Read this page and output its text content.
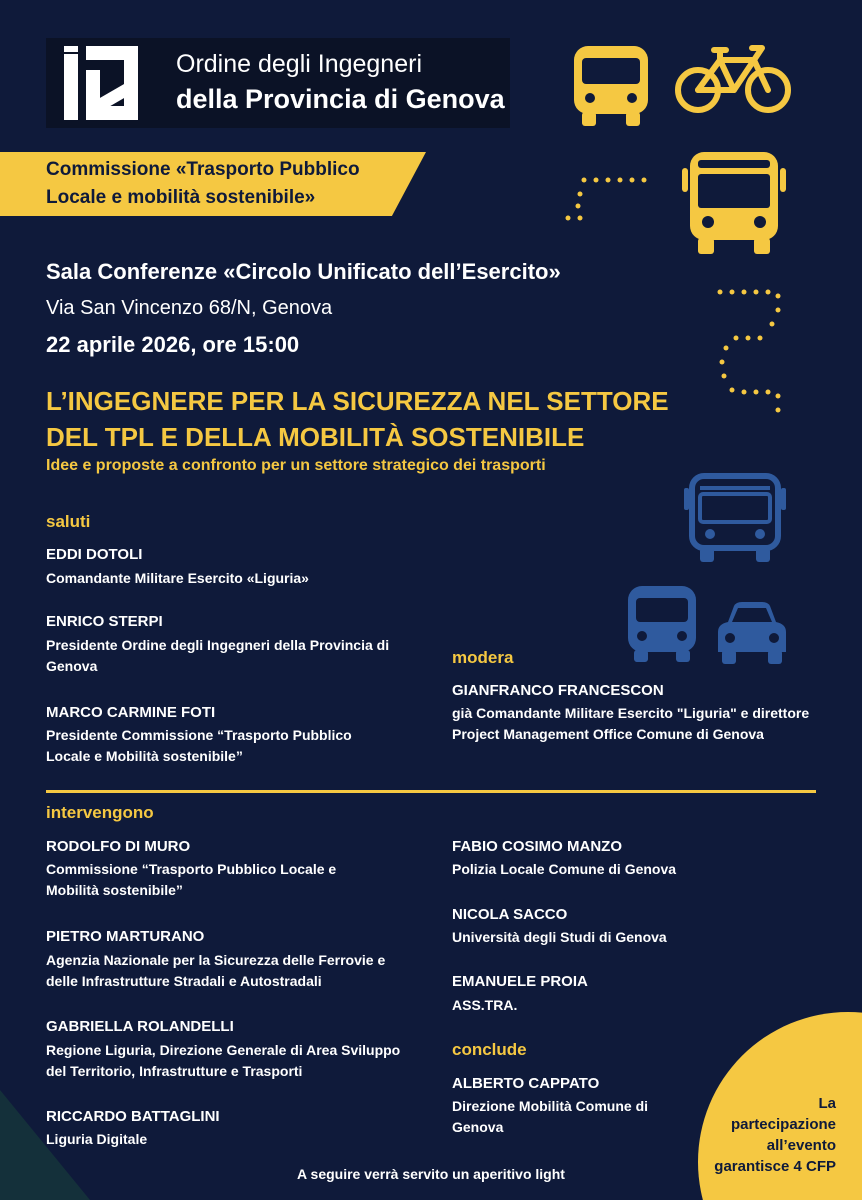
Ordine degli Ingegneri
della Provincia di Genova
Commissione «Trasporto Pubblico
Locale e mobilità sostenibile»
Sala Conferenze «Circolo Unificato dell’Esercito»
Via San Vincenzo 68/N, Genova
22 aprile 2026, ore 15:00
L’INGEGNERE PER LA SICUREZZA NEL SETTORE
DEL TPL E DELLA MOBILITÀ SOSTENIBILE
Idee e proposte a confronto per un settore strategico dei trasporti
saluti
EDDI DOTOLI
Comandante Militare Esercito «Liguria»
ENRICO STERPI
Presidente Ordine degli Ingegneri della Provincia di Genova
MARCO CARMINE FOTI
Presidente Commissione “Trasporto Pubblico Locale e Mobilità sostenibile”
modera
GIANFRANCO FRANCESCON
già Comandante Militare Esercito "Liguria" e direttore Project Management Office Comune di Genova
intervengono
RODOLFO DI MURO
Commissione “Trasporto Pubblico Locale e Mobilità sostenibile”
PIETRO MARTURANO
Agenzia Nazionale per la Sicurezza delle Ferrovie e delle Infrastrutture Stradali e Autostradali
GABRIELLA ROLANDELLI
Regione Liguria, Direzione Generale di Area Sviluppo del Territorio, Infrastrutture e Trasporti
RICCARDO BATTAGLINI
Liguria Digitale
FABIO COSIMO MANZO
Polizia Locale Comune di Genova
NICOLA SACCO
Università degli Studi di Genova
EMANUELE PROIA
ASS.TRA.
conclude
ALBERTO CAPPATO
Direzione Mobilità Comune di Genova
La
partecipazione
all’evento
garantisce 4 CFP
A seguire verrà servito un aperitivo light
